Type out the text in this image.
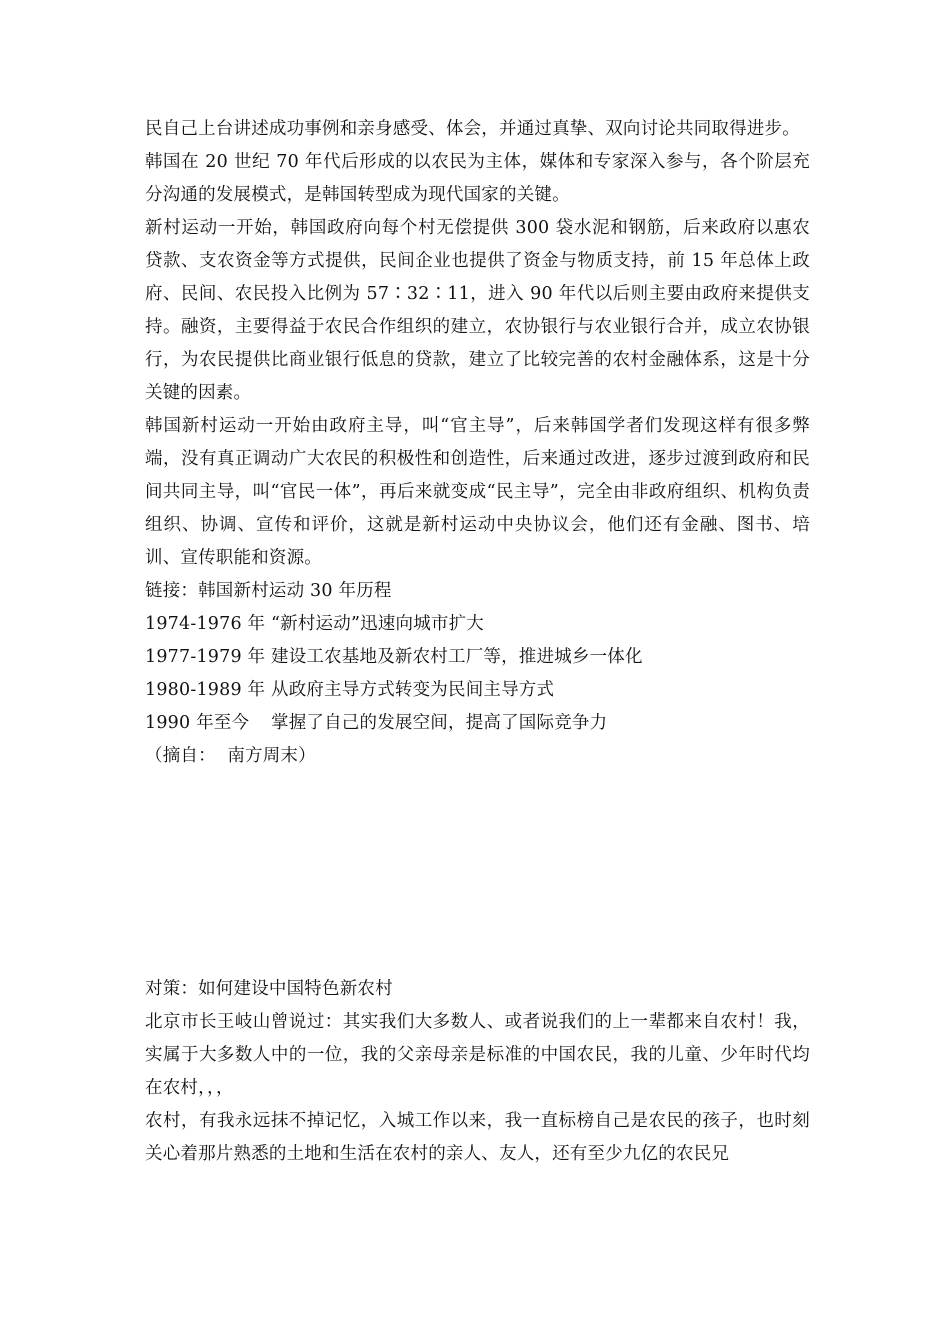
民自己上台讲述成功事例和亲身感受、体会，并通过真挚、双向讨论共同取得进步。

韩国在 20 世纪 70 年代后形成的以农民为主体，媒体和专家深入参与，各个阶层充分沟通的发展模式，是韩国转型成为现代国家的关键。

新村运动一开始，韩国政府向每个村无偿提供 300 袋水泥和钢筋，后来政府以惠农贷款、支农资金等方式提供，民间企业也提供了资金与物质支持，前 15 年总体上政府、民间、农民投入比例为 57∶32∶11，进入 90 年代以后则主要由政府来提供支持。融资，主要得益于农民合作组织的建立，农协银行与农业银行合并，成立农协银行，为农民提供比商业银行低息的贷款，建立了比较完善的农村金融体系，这是十分关键的因素。

韩国新村运动一开始由政府主导，叫“官主导”，后来韩国学者们发现这样有很多弊端，没有真正调动广大农民的积极性和创造性，后来通过改进，逐步过渡到政府和民间共同主导，叫“官民一体”，再后来就变成“民主导”，完全由非政府组织、机构负责组织、协调、宣传和评价，这就是新村运动中央协议会，他们还有金融、图书、培训、宣传职能和资源。

链接：韩国新村运动 30 年历程

1974-1976 年 “新村运动”迅速向城市扩大

1977-1979 年 建设工农基地及新农村工厂等，推进城乡一体化

1980-1989 年 从政府主导方式转变为民间主导方式

1990 年至今 掌握了自己的发展空间，提高了国际竞争力

（摘自：  南方周末）

对策：如何建设中国特色新农村

北京市长王岐山曾说过：其实我们大多数人、或者说我们的上一辈都来自农村！我，实属于大多数人中的一位，我的父亲母亲是标准的中国农民，我的儿童、少年时代均在农村，，，

农村，有我永远抹不掉记忆，入城工作以来，我一直标榜自己是农民的孩子，也时刻关心着那片熟悉的土地和生活在农村的亲人、友人，还有至少九亿的农民兄
